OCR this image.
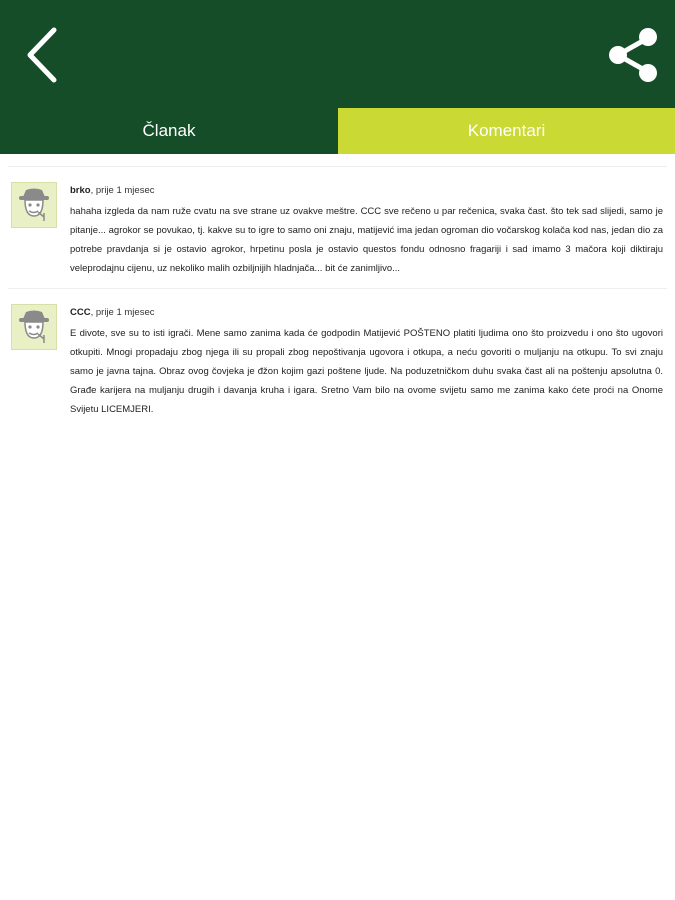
Članak	Komentari
brko, prije 1 mjesec
hahaha izgleda da nam ruže cvatu na sve strane uz ovakve meštre. CCC sve rečeno u par rečenica, svaka čast. što tek sad slijedi, samo je pitanje... agrokor se povukao, tj. kakve su to igre to samo oni znaju, matijević ima jedan ogroman dio vočarskog kolača kod nas, jedan dio za potrebe pravdanja si je ostavio agrokor, hrpetinu posla je ostavio questos fondu odnosno fragariji i sad imamo 3 mačora koji diktiraju veleprodajnu cijenu, uz nekoliko malih ozbiljnijih hladnjača... bit će zanimljivo...
CCC, prije 1 mjesec
E divote, sve su to isti igrači. Mene samo zanima kada će godpodin Matijević POŠTENO platiti ljudima ono što proizvedu i ono što ugovori otkupiti. Mnogi propadaju zbog njega ili su propali zbog nepoštivanja ugovora i otkupa, a neću govoriti o muljanju na otkupu. To svi znaju samo je javna tajna. Obraz ovog čovjeka je đžon kojim gazi poštene ljude. Na poduzetničkom duhu svaka čast ali na poštenju apsolutna 0. Građe karijera na muljanju drugih i davanja kruha i igara. Sretno Vam bilo na ovome svijetu samo me zanima kako ćete proći na Onome Svijetu LICEMJERI.
